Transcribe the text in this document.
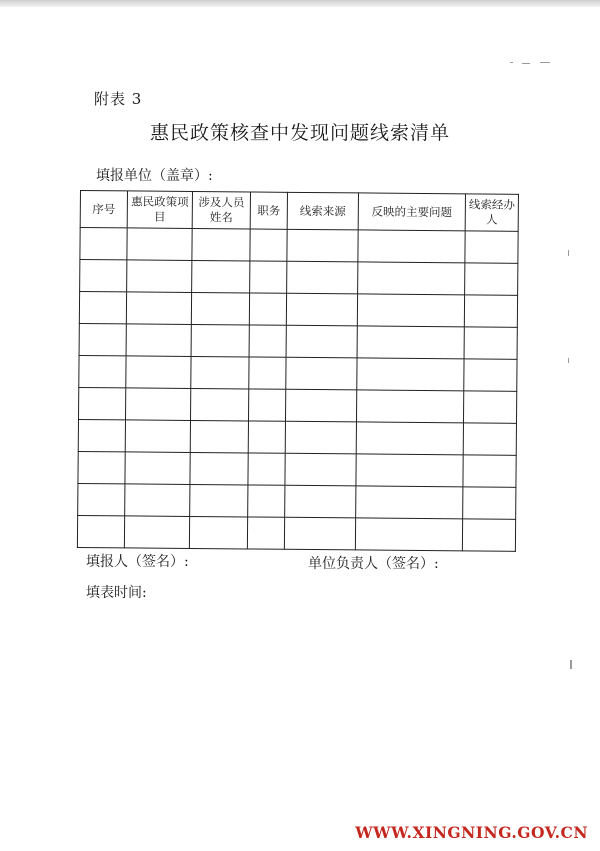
附表 3
惠民政策核查中发现问题线索清单
填报单位（盖章）:
序号	惠民政策项目	涉及人员姓名	职务	线索来源	反映的主要问题	线索经办人

填报人（签名）:	单位负责人（签名）:
填表时间:
WWW.XINGNING.GOV.CN
